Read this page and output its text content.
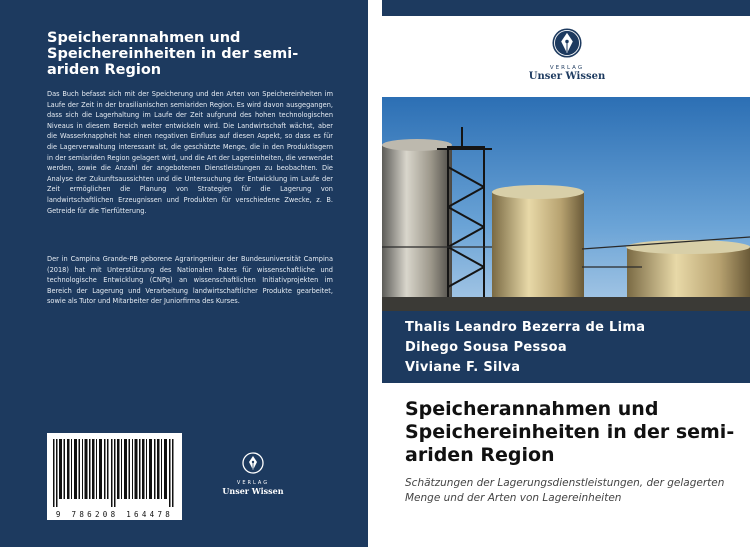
Speicherannahmen und Speichereinheiten in der semi-ariden Region
Das Buch befasst sich mit der Speicherung und den Arten von Speichereinheiten im Laufe der Zeit in der brasilianischen semiariden Region. Es wird davon ausgegangen, dass sich die Lagerhaltung im Laufe der Zeit aufgrund des hohen technologischen Niveaus in diesem Bereich weiter entwickeln wird. Die Landwirtschaft wächst, aber die Wasserknappheit hat einen negativen Einfluss auf diesen Aspekt, so dass es für die Lagerverwaltung interessant ist, die geschätzte Menge, die in den Produktlagern in der semiariden Region gelagert wird, und die Art der Lagereinheiten, die verwendet werden, sowie die Anzahl der angebotenen Dienstleistungen zu beobachten. Die Analyse der Zukunftsaussichten und die Untersuchung der Entwicklung im Laufe der Zeit ermöglichen die Planung von Strategien für die Lagerung von landwirtschaftlichen Erzeugnissen und Produkten für verschiedene Zwecke, z. B. Getreide für die Tierfütterung.
Der in Campina Grande-PB geborene Agraringenieur der Bundesuniversität Campina (2018) hat mit Unterstützung des Nationalen Rates für wissenschaftliche und technologische Entwicklung (CNPq) an wissenschaftlichen Initiativprojekten im Bereich der Lagerung und Verarbeitung landwirtschaftlicher Produkte gearbeitet, sowie als Tutor und Mitarbeiter der Juniorfirma des Kurses.
9 786208 164478
VERLAG
Unser Wissen
VERLAG
Unser Wissen
Thalis Leandro Bezerra de Lima
Dihego Sousa Pessoa
Viviane F. Silva
Speicherannahmen und Speichereinheiten in der semi-ariden Region
Schätzungen der Lagerungsdienstleistungen, der gelagerten Menge und der Arten von Lagereinheiten
